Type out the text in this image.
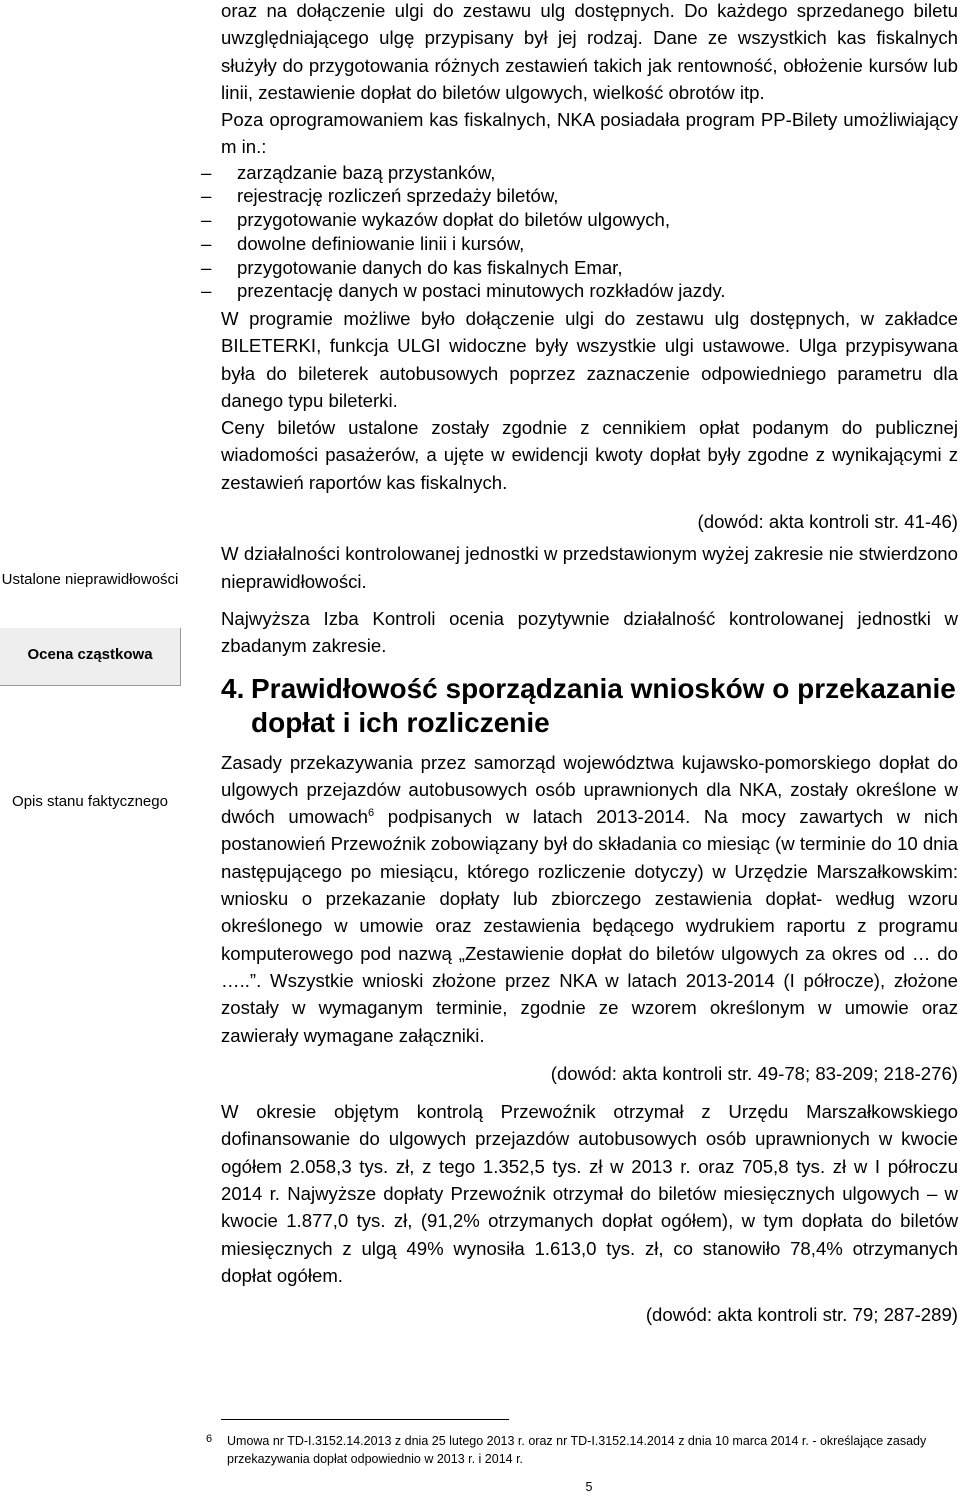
Ustalone nieprawidłowości
Ocena cząstkowa
Opis stanu faktycznego

oraz na dołączenie ulgi do zestawu ulg dostępnych. Do każdego sprzedanego biletu uwzględniającego ulgę przypisany był jej rodzaj. Dane ze wszystkich kas fiskalnych służyły do przygotowania różnych zestawień takich jak rentowność, obłożenie kursów lub linii, zestawienie dopłat do biletów ulgowych, wielkość obrotów itp.

Poza oprogramowaniem kas fiskalnych, NKA posiadała program PP-Bilety umożliwiający m in.:

– zarządzanie bazą przystanków,
– rejestrację rozliczeń sprzedaży biletów,
– przygotowanie wykazów dopłat do biletów ulgowych,
– dowolne definiowanie linii i kursów,
– przygotowanie danych do kas fiskalnych Emar,
– prezentację danych w postaci minutowych rozkładów jazdy.

W programie możliwe było dołączenie ulgi do zestawu ulg dostępnych, w zakładce BILETERKI, funkcja ULGI widoczne były wszystkie ulgi ustawowe. Ulga przypisywana była do bileterek autobusowych poprzez zaznaczenie odpowiedniego parametru dla danego typu bileterki.

Ceny biletów ustalone zostały zgodnie z cennikiem opłat podanym do publicznej wiadomości pasażerów, a ujęte w ewidencji kwoty dopłat były zgodne z wynikającymi z zestawień raportów kas fiskalnych.

(dowód: akta kontroli str. 41-46)

W działalności kontrolowanej jednostki w przedstawionym wyżej zakresie nie stwierdzono nieprawidłowości.

Najwyższa Izba Kontroli ocenia pozytywnie działalność kontrolowanej jednostki w zbadanym zakresie.

4. Prawidłowość sporządzania wniosków o przekazanie dopłat i ich rozliczenie

Zasady przekazywania przez samorząd województwa kujawsko-pomorskiego dopłat do ulgowych przejazdów autobusowych osób uprawnionych dla NKA, zostały określone w dwóch umowach$^6$ podpisanych w latach 2013-2014. Na mocy zawartych w nich postanowień Przewoźnik zobowiązany był do składania co miesiąc (w terminie do 10 dnia następującego po miesiącu, którego rozliczenie dotyczy) w Urzędzie Marszałkowskim: wniosku o przekazanie dopłaty lub zbiorczego zestawienia dopłat- według wzoru określonego w umowie oraz zestawienia będącego wydrukiem raportu z programu komputerowego pod nazwą „Zestawienie dopłat do biletów ulgowych za okres od … do …..”. Wszystkie wnioski złożone przez NKA w latach 2013-2014 (I półrocze), złożone zostały w wymaganym terminie, zgodnie ze wzorem określonym w umowie oraz zawierały wymagane załączniki.

(dowód: akta kontroli str. 49-78; 83-209; 218-276)

W okresie objętym kontrolą Przewoźnik otrzymał z Urzędu Marszałkowskiego dofinansowanie do ulgowych przejazdów autobusowych osób uprawnionych w kwocie ogółem 2.058,3 tys. zł, z tego 1.352,5 tys. zł w 2013 r. oraz 705,8 tys. zł w I półroczu 2014 r. Najwyższe dopłaty Przewoźnik otrzymał do biletów miesięcznych ulgowych – w kwocie 1.877,0 tys. zł, (91,2% otrzymanych dopłat ogółem), w tym dopłata do biletów miesięcznych z ulgą 49% wynosiła 1.613,0 tys. zł, co stanowiło 78,4% otrzymanych dopłat ogółem.

(dowód: akta kontroli str. 79; 287-289)

6 Umowa nr TD-I.3152.14.2013 z dnia 25 lutego 2013 r. oraz nr TD-I.3152.14.2014 z dnia 10 marca 2014 r. - określające zasady przekazywania dopłat odpowiednio w 2013 r. i 2014 r.
5
